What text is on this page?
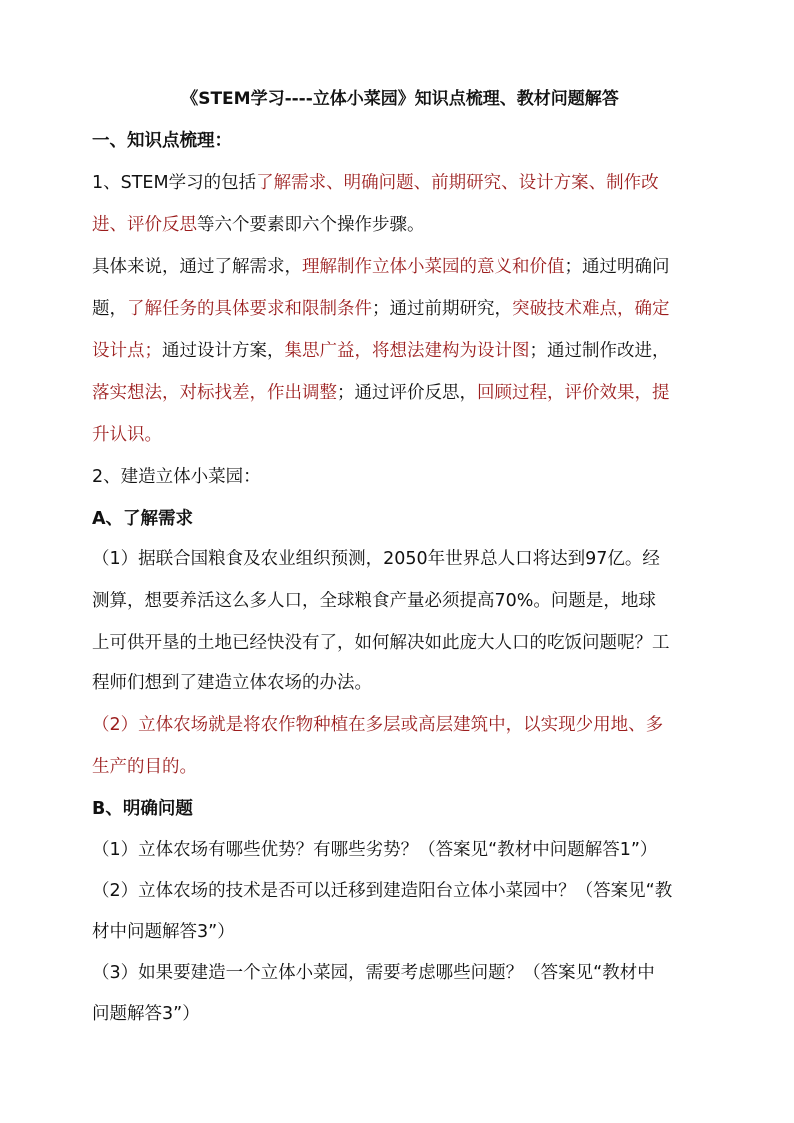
《STEM学习----立体小菜园》知识点梳理、教材问题解答
一、知识点梳理：
1、STEM学习的包括了解需求、明确问题、前期研究、设计方案、制作改
进、评价反思等六个要素即六个操作步骤。
具体来说，通过了解需求，理解制作立体小菜园的意义和价值；通过明确问
题，了解任务的具体要求和限制条件；通过前期研究，突破技术难点，确定
设计点；通过设计方案，集思广益，将想法建构为设计图；通过制作改进，
落实想法，对标找差，作出调整；通过评价反思，回顾过程，评价效果，提
升认识。
2、建造立体小菜园：
A、了解需求
（1）据联合国粮食及农业组织预测，2050年世界总人口将达到97亿。经
测算，想要养活这么多人口，全球粮食产量必须提高70%。问题是，地球
上可供开垦的土地已经快没有了，如何解决如此庞大人口的吃饭问题呢？工
程师们想到了建造立体农场的办法。
（2）立体农场就是将农作物种植在多层或高层建筑中，以实现少用地、多
生产的目的。
B、明确问题
（1）立体农场有哪些优势？有哪些劣势？（答案见“教材中问题解答1”）
（2）立体农场的技术是否可以迁移到建造阳台立体小菜园中？（答案见“教
材中问题解答3”）
（3）如果要建造一个立体小菜园，需要考虑哪些问题？（答案见“教材中
问题解答3”）
